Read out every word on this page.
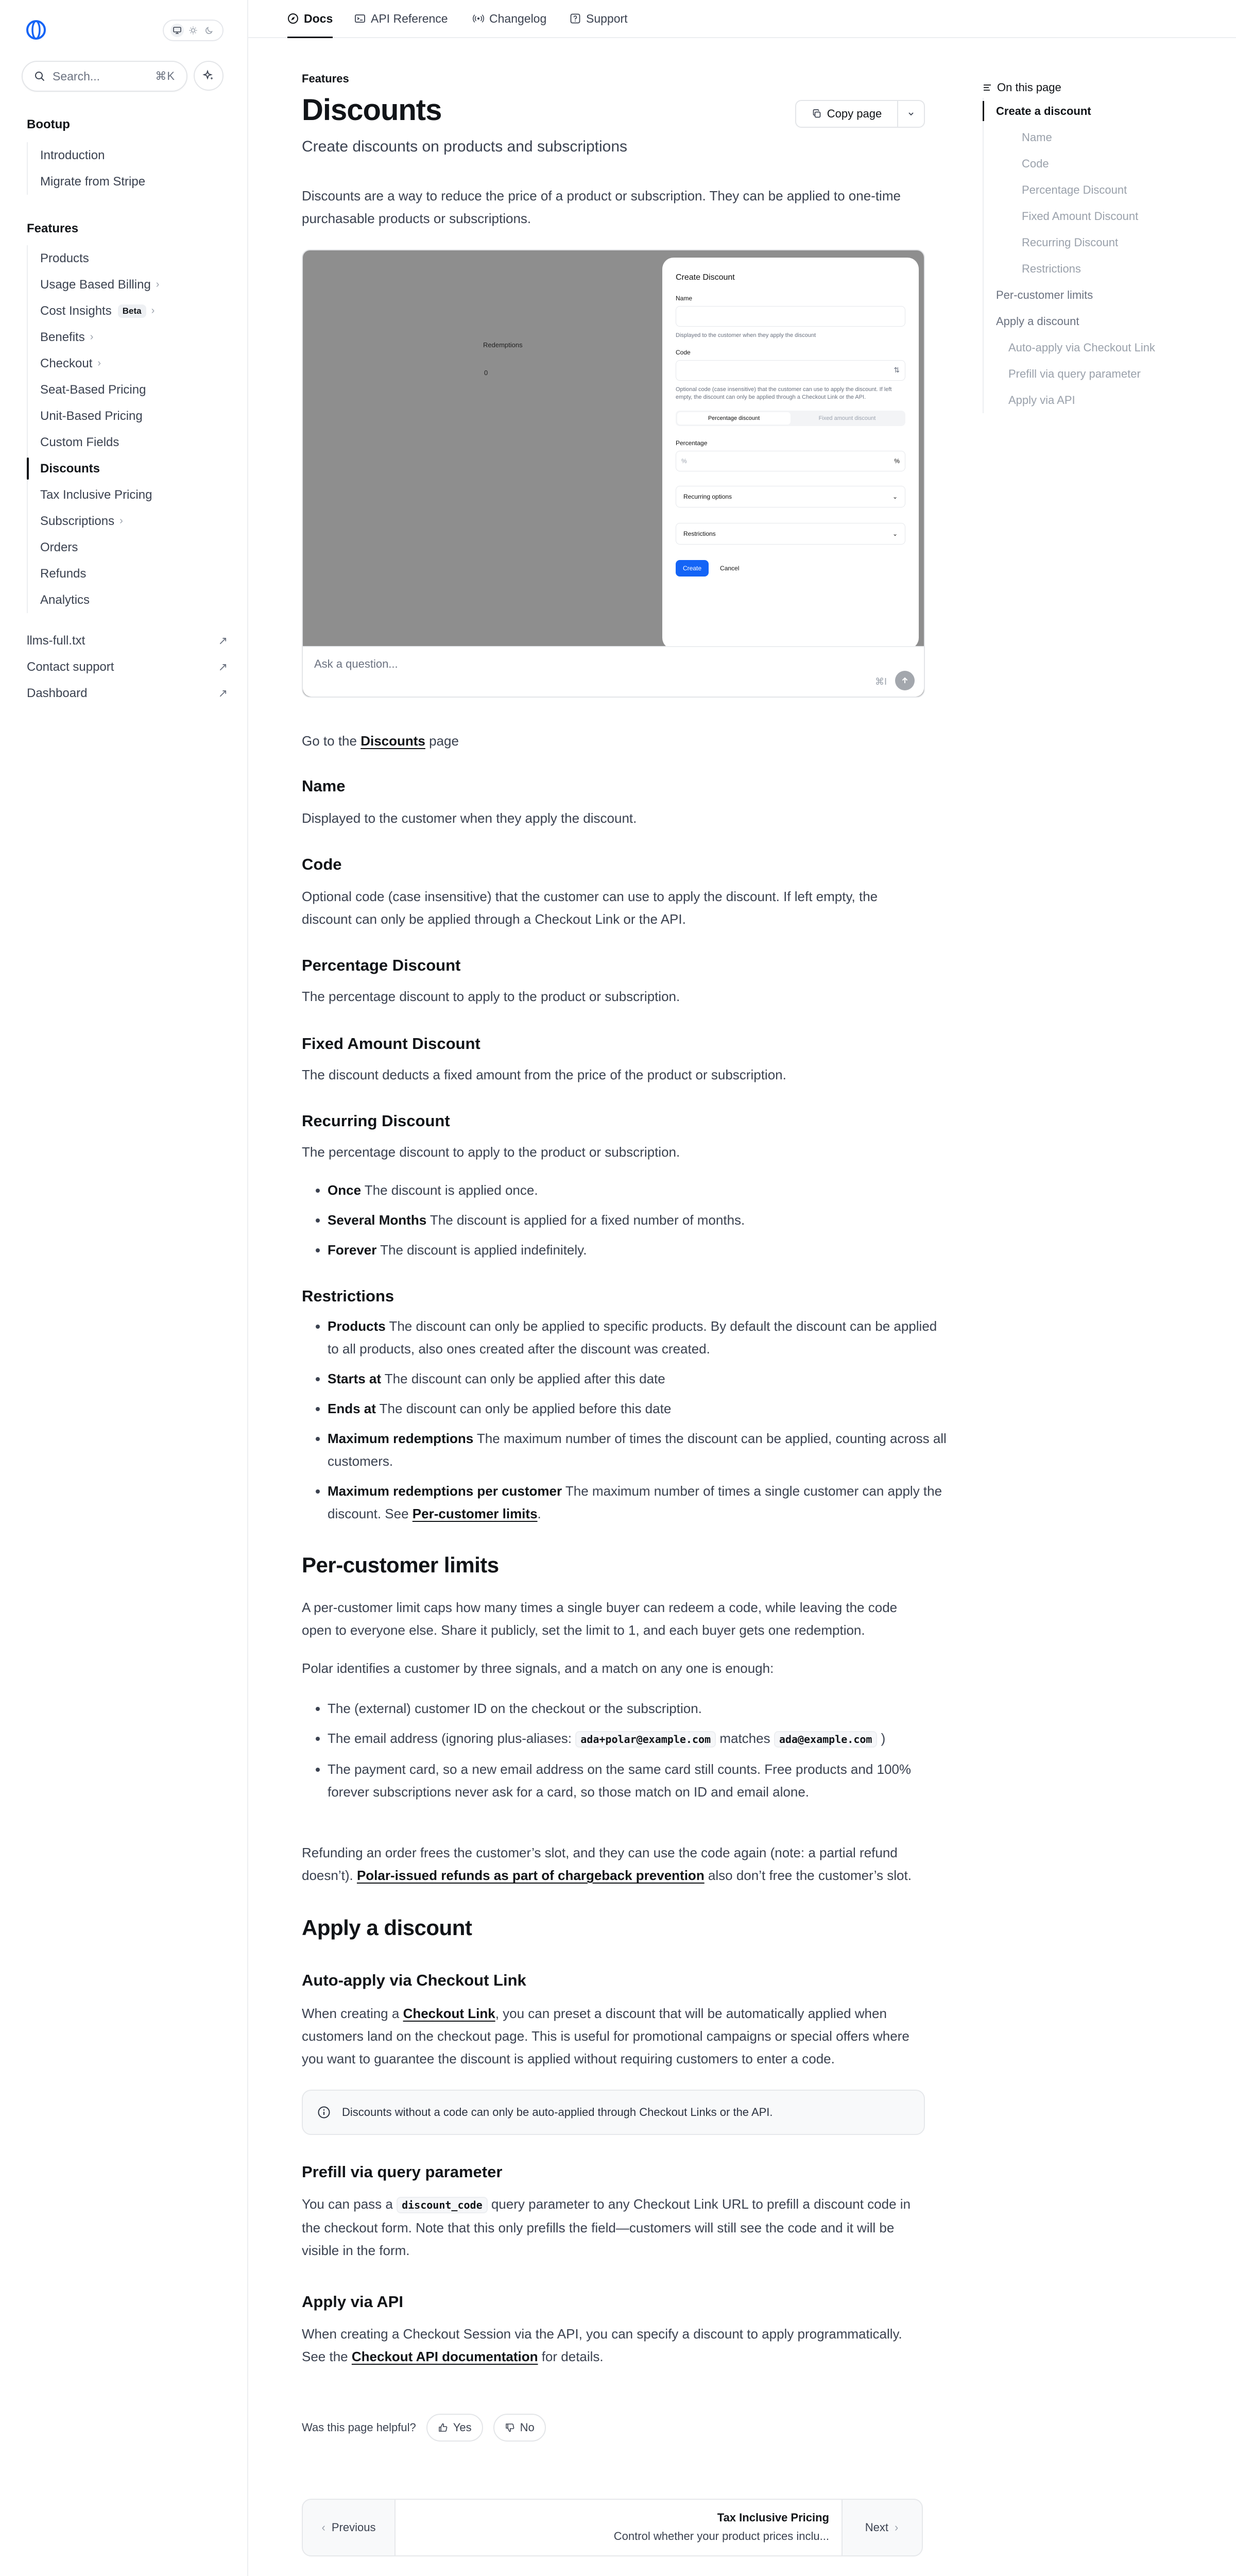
Search...	⌘K
Bootup
Introduction
Migrate from Stripe
Features
Products
Usage Based Billing ›
Cost Insights	Beta ›
Benefits ›
Checkout ›
Seat-Based Pricing
Unit-Based Pricing
Custom Fields
Discounts
Tax Inclusive Pricing
Subscriptions ›
Orders
Refunds
Analytics
llms-full.txt	↗
Contact support	↗
Dashboard	↗
Docs	API Reference	Changelog	Support
Features
Discounts
Create discounts on products and subscriptions
Copy page

Discounts are a way to reduce the price of a product or subscription. They can be applied to one-time purchasable products or subscriptions.

Redemptions
0
Create Discount
Name
Displayed to the customer when they apply the discount
Code
⇅
Optional code (case insensitive) that the customer can use to apply the discount. If left empty, the discount can only be applied through a Checkout Link or the API.
Percentage discount	Fixed amount discount
Percentage
%	%
Recurring options	⌄
Restrictions	⌄
Create	Cancel
Ask a question...
⌘I

Go to the Discounts page

Name

Displayed to the customer when they apply the discount.

Code

Optional code (case insensitive) that the customer can use to apply the discount. If left empty, the discount can only be applied through a Checkout Link or the API.

Percentage Discount

The percentage discount to apply to the product or subscription.

Fixed Amount Discount

The discount deducts a fixed amount from the price of the product or subscription.

Recurring Discount

The percentage discount to apply to the product or subscription.

• Once The discount is applied once.
• Several Months The discount is applied for a fixed number of months.
• Forever The discount is applied indefinitely.
Restrictions
• Products The discount can only be applied to specific products. By default the discount can be applied to all products, also ones created after the discount was created.
• Starts at The discount can only be applied after this date
• Ends at The discount can only be applied before this date
• Maximum redemptions The maximum number of times the discount can be applied, counting across all customers.
• Maximum redemptions per customer The maximum number of times a single customer can apply the discount. See Per-customer limits.
Per-customer limits

A per-customer limit caps how many times a single buyer can redeem a code, while leaving the code open to everyone else. Share it publicly, set the limit to 1, and each buyer gets one redemption.

Polar identifies a customer by three signals, and a match on any one is enough:

• The (external) customer ID on the checkout or the subscription.
• The email address (ignoring plus-aliases: ada+polar@example.com matches ada@example.com )
• The payment card, so a new email address on the same card still counts. Free products and 100% forever subscriptions never ask for a card, so those match on ID and email alone.

Refunding an order frees the customer’s slot, and they can use the code again (note: a partial refund doesn’t). Polar-issued refunds as part of chargeback prevention also don’t free the customer’s slot.

Apply a discount
Auto-apply via Checkout Link

When creating a Checkout Link, you can preset a discount that will be automatically applied when customers land on the checkout page. This is useful for promotional campaigns or special offers where you want to guarantee the discount is applied without requiring customers to enter a code.

Discounts without a code can only be auto-applied through Checkout Links or the API.
Prefill via query parameter

You can pass a discount_code query parameter to any Checkout Link URL to prefill a discount code in the checkout form. Note that this only prefills the field—customers will still see the code and it will be visible in the form.

Apply via API

When creating a Checkout Session via the API, you can specify a discount to apply programmatically. See the Checkout API documentation for details.

Was this page helpful?	Yes	No
‹ Previous
Tax Inclusive Pricing
Control whether your product prices inclu...
Next ›
On this page
Create a discount
Name
Code
Percentage Discount
Fixed Amount Discount
Recurring Discount
Restrictions
Per-customer limits
Apply a discount
Auto-apply via Checkout Link
Prefill via query parameter
Apply via API
